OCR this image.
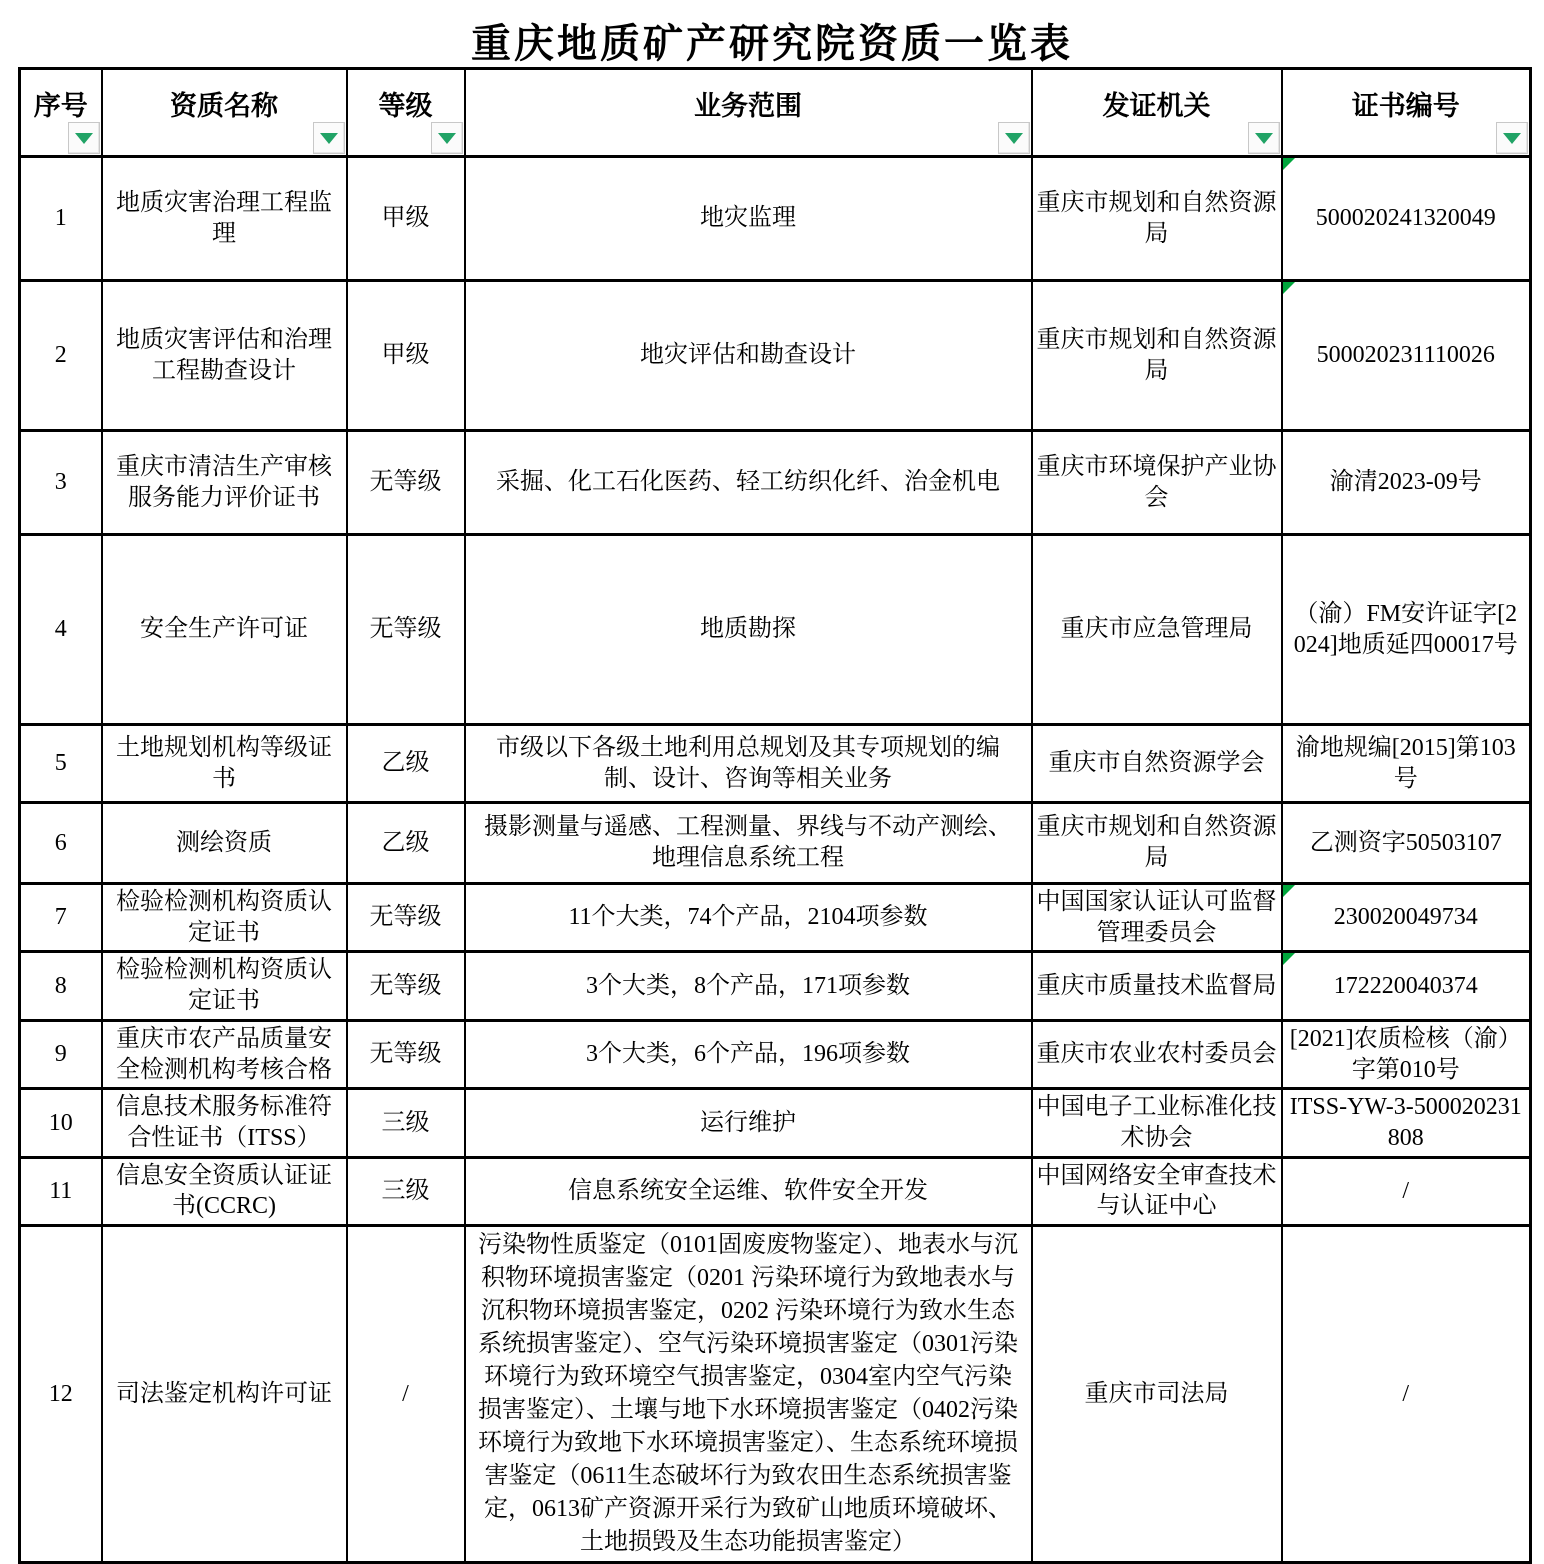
重庆地质矿产研究院资质一览表
序号	资质名称	等级	业务范围	发证机关	证书编号

1	地质灾害治理工程监理	甲级	地灾监理	重庆市规划和自然资源局	500020241320049

2	地质灾害评估和治理工程勘查设计	甲级	地灾评估和勘查设计	重庆市规划和自然资源局	500020231110026

3	重庆市清洁生产审核服务能力评价证书	无等级	采掘、化工石化医药、轻工纺织化纤、治金机电	重庆市环境保护产业协会	渝清2023-09号
4	安全生产许可证	无等级	地质勘探	重庆市应急管理局	（渝）FM安许证字[2024]地质延四00017号
5	土地规划机构等级证书	乙级	市级以下各级土地利用总规划及其专项规划的编制、设计、咨询等相关业务	重庆市自然资源学会	渝地规编[2015]第103号
6	测绘资质	乙级	摄影测量与遥感、工程测量、界线与不动产测绘、地理信息系统工程	重庆市规划和自然资源局	乙测资字50503107
7	检验检测机构资质认定证书	无等级	11个大类，74个产品，2104项参数	中国国家认证认可监督管理委员会	230020049734

8	检验检测机构资质认定证书	无等级	3个大类，8个产品，171项参数	重庆市质量技术监督局	172220040374

9	重庆市农产品质量安全检测机构考核合格	无等级	3个大类，6个产品，196项参数	重庆市农业农村委员会	[2021]农质检核（渝）字第010号
10	信息技术服务标准符合性证书（ITSS）	三级	运行维护	中国电子工业标准化技术协会	ITSS-YW-3-500020231808
11	信息安全资质认证证书(CCRC)	三级	信息系统安全运维、软件安全开发	中国网络安全审查技术与认证中心	/
12	司法鉴定机构许可证	/	污染物性质鉴定（0101固废废物鉴定）、地表水与沉积物环境损害鉴定（0201 污染环境行为致地表水与沉积物环境损害鉴定，0202 污染环境行为致水生态系统损害鉴定）、空气污染环境损害鉴定（0301污染环境行为致环境空气损害鉴定，0304室内空气污染损害鉴定）、土壤与地下水环境损害鉴定（0402污染环境行为致地下水环境损害鉴定）、生态系统环境损害鉴定（0611生态破坏行为致农田生态系统损害鉴定，0613矿产资源开采行为致矿山地质环境破坏、土地损毁及生态功能损害鉴定）	重庆市司法局	/
